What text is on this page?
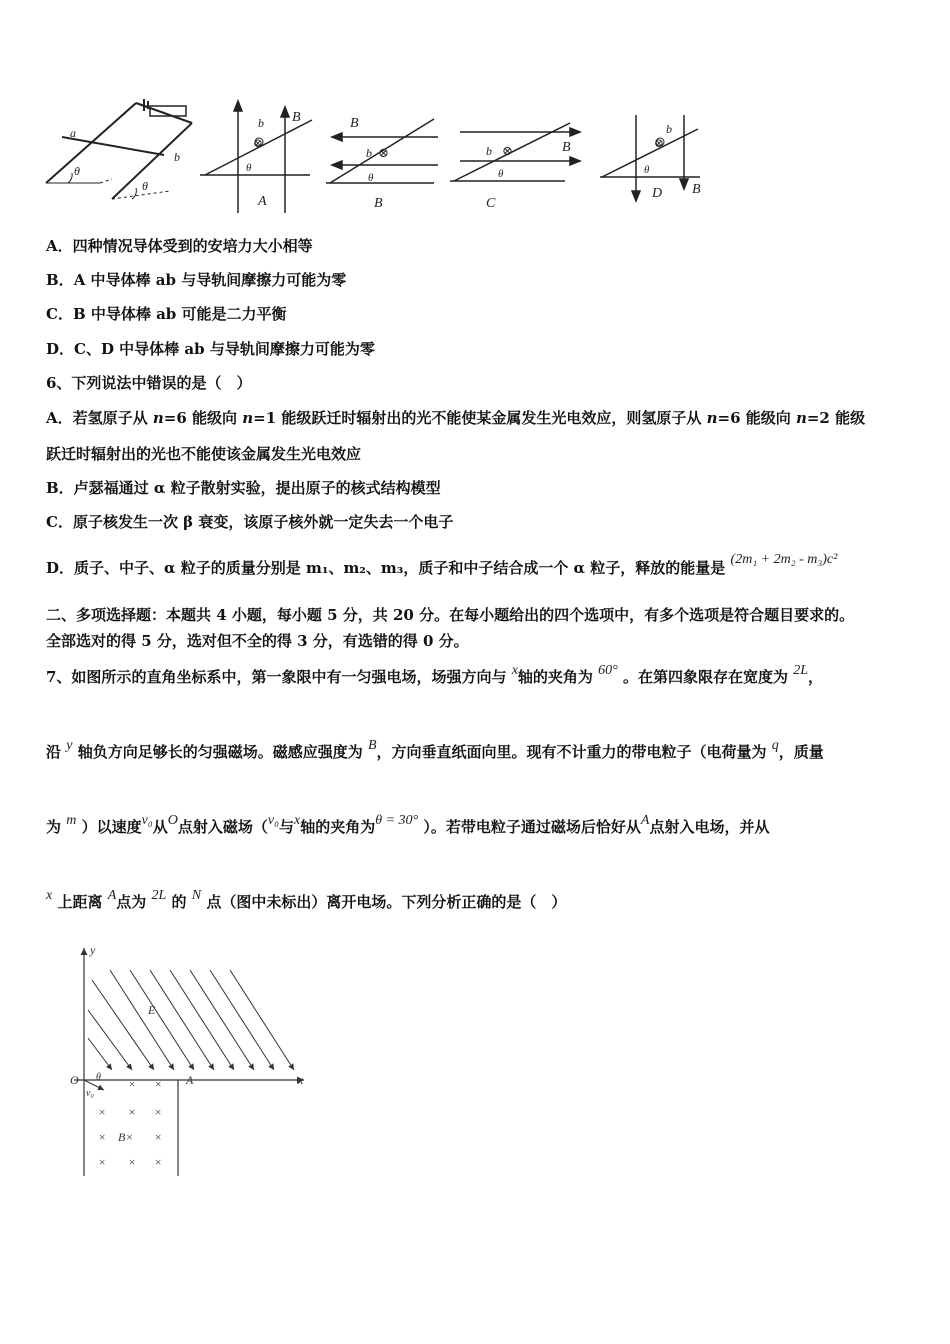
a
b
θ
θ
⊗
b B
θ
A
B
b ⊗
θ
B
b ⊗	B
θ
C
⊗
b
θ
D B
A．四种情况导体受到的安培力大小相等
B．A 中导体棒 ab 与导轨间摩擦力可能为零
C．B 中导体棒 ab 可能是二力平衡
D．C、D 中导体棒 ab 与导轨间摩擦力可能为零
6、下列说法中错误的是（　）
A．若氢原子从 n=6 能级向 n=1 能级跃迁时辐射出的光不能使某金属发生光电效应，则氢原子从 n=6 能级向 n=2 能级
跃迁时辐射出的光也不能使该金属发生光电效应
B．卢瑟福通过 α 粒子散射实验，提出原子的核式结构模型
C．原子核发生一次 β 衰变，该原子核外就一定失去一个电子
D．质子、中子、α 粒子的质量分别是 m₁、m₂、m₃，质子和中子结合成一个 α 粒子，释放的能量是 (2m₁ + 2m₂ - m₃)c²
二、多项选择题：本题共 4 小题，每小题 5 分，共 20 分。在每小题给出的四个选项中，有多个选项是符合题目要求的。
全部选对的得 5 分，选对但不全的得 3 分，有选错的得 0 分。
7、如图所示的直角坐标系中，第一象限中有一匀强电场，场强方向与 x轴的夹角为 60° 。在第四象限存在宽度为 2L，
沿 y 轴负方向足够长的匀强磁场。磁感应强度为 B，方向垂直纸面向里。现有不计重力的带电粒子（电荷量为 q，质量
为 m ）以速度v₀从O点射入磁场（v₀与x轴的夹角为θ = 30° ）。若带电粒子通过磁场后恰好从A点射入电场，并从
x 上距离 A点为 2L 的 N 点（图中未标出）离开电场。下列分析正确的是（　）
y
x
O	A
E
× ×
× × ×
×	×
× × ×
B×
θ
v₀
